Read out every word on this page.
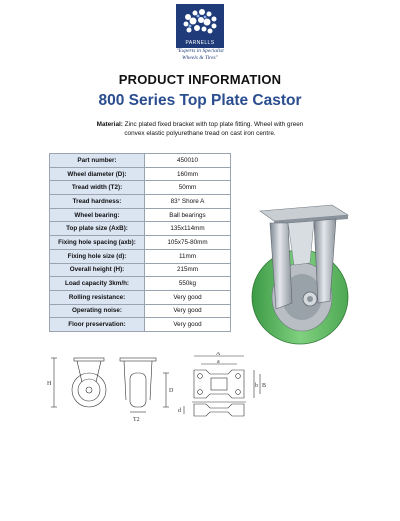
PARNELLS
"Experts in Specialist
Wheels & Tires"
PRODUCT INFORMATION
800 Series Top Plate Castor
Material: Zinc plated fixed bracket with top plate fitting. Wheel with green
convex elastic polyurethane tread on cast iron centre.
Part number:	450010
Wheel diameter (D):	160mm
Tread width (T2):	50mm
Tread hardness:	83° Shore A
Wheel bearing:	Ball bearings
Top plate size (AxB):	135x114mm
Fixing hole spacing (axb):	105x75-80mm
Fixing hole size (d):	11mm
Overall height (H):	215mm
Load capacity 3km/h:	550kg
Rolling resistance:	Very good
Operating noise:	Very good
Floor preservation:	Very good
H
D
T2
A
a
b B
d
